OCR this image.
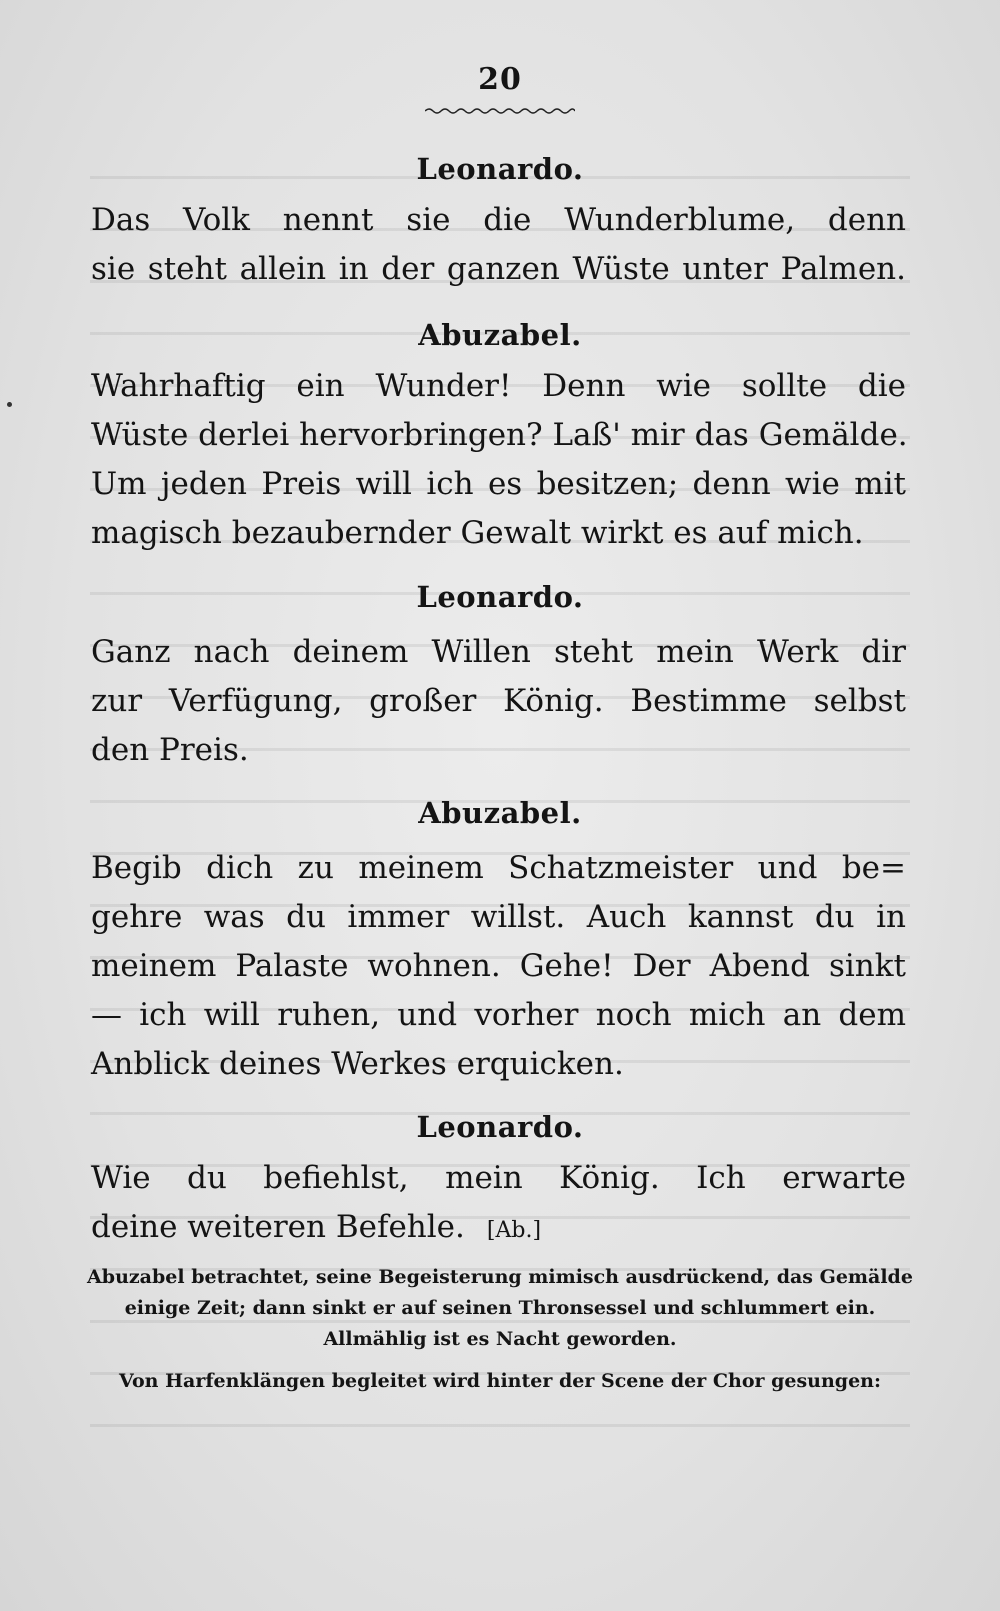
20
Leonardo.
Das Volk nennt sie die Wunderblume, denn
sie steht allein in der ganzen Wüste unter Palmen.
Abuzabel.
Wahrhaftig ein Wunder! Denn wie sollte die
Wüste derlei hervorbringen? Laß' mir das Gemälde.
Um jeden Preis will ich es besitzen; denn wie mit
magisch bezaubernder Gewalt wirkt es auf mich.
Leonardo.
Ganz nach deinem Willen steht mein Werk dir
zur Verfügung, großer König. Bestimme selbst
den Preis.
Abuzabel.
Begib dich zu meinem Schatzmeister und be=
gehre was du immer willst. Auch kannst du in
meinem Palaste wohnen. Gehe! Der Abend sinkt
— ich will ruhen, und vorher noch mich an dem
Anblick deines Werkes erquicken.
Leonardo.
Wie du befiehlst, mein König. Ich erwarte
deine weiteren Befehle. [Ab.]
Abuzabel betrachtet, seine Begeisterung mimisch ausdrückend, das Gemälde
einige Zeit; dann sinkt er auf seinen Thronsessel und schlummert ein.
Allmählig ist es Nacht geworden.
Von Harfenklängen begleitet wird hinter der Scene der Chor gesungen:
